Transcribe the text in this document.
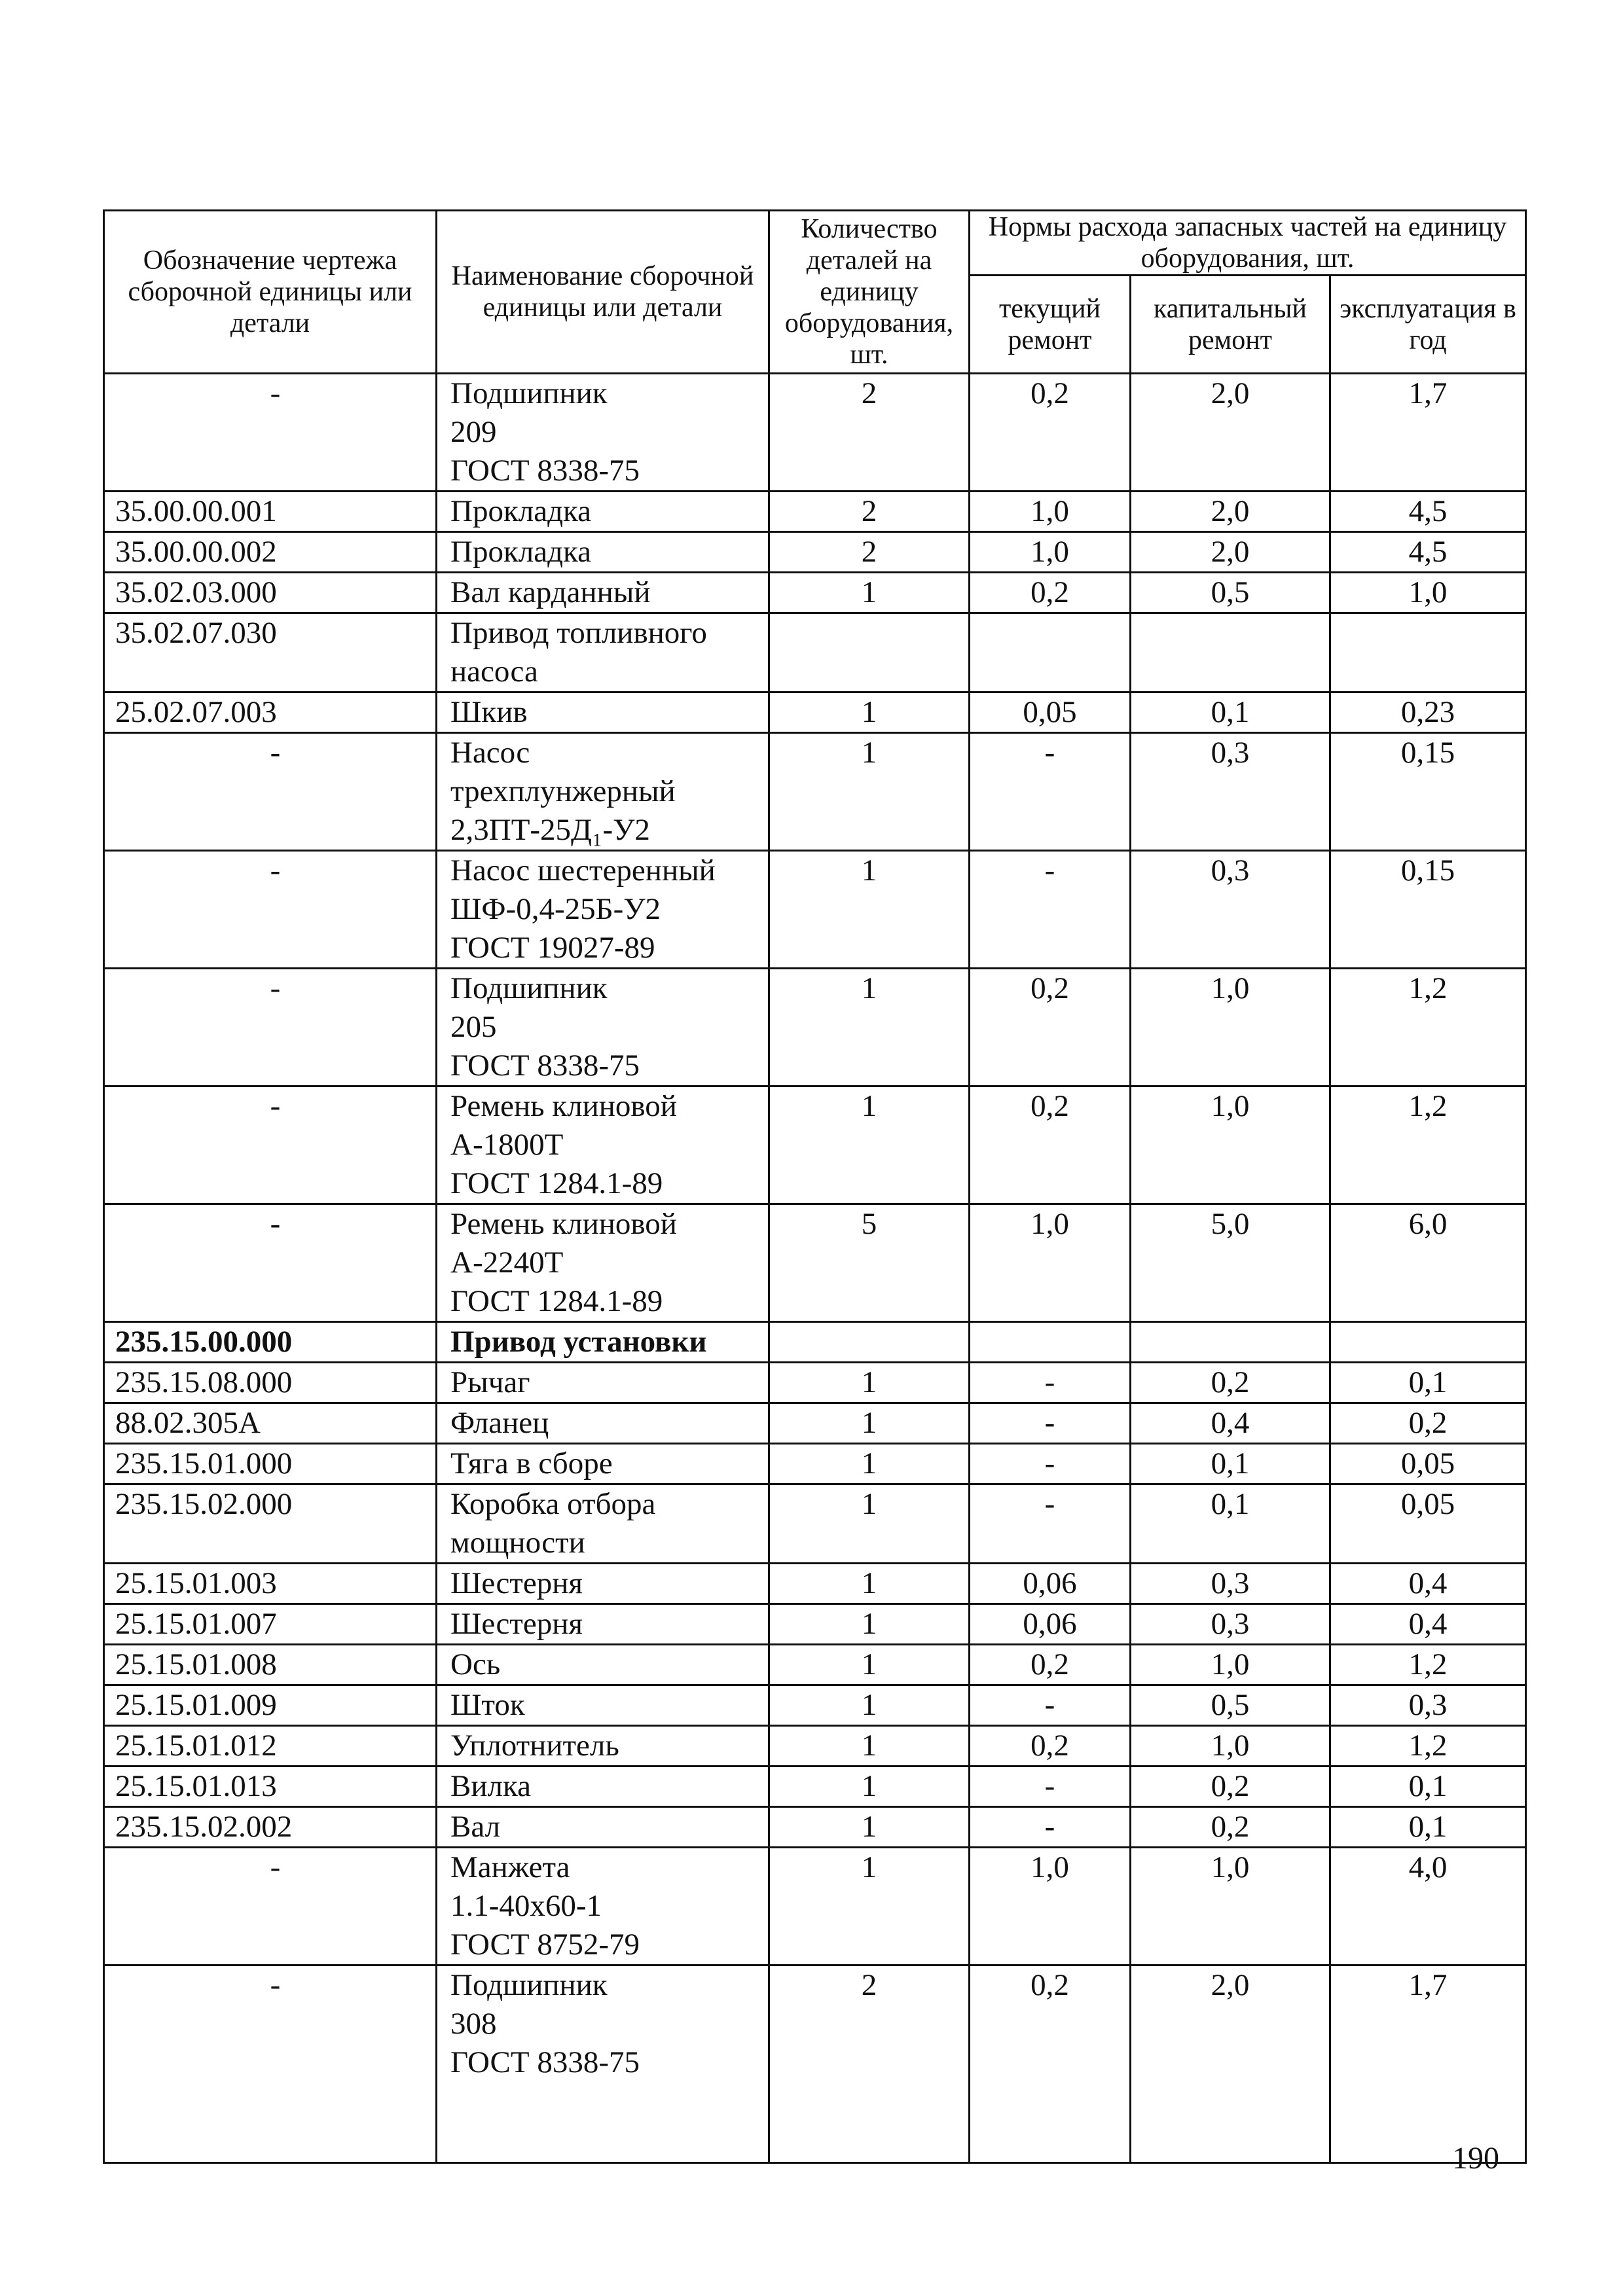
Обозначение чертежа сборочной единицы или детали	Наименование сборочной единицы или детали	Количество деталей на единицу оборудования, шт.	Нормы расхода запасных частей на единицу оборудования, шт.		
			текущий ремонт	капитальный ремонт	эксплуатация в год
-	Подшипник
209
ГОСТ 8338-75	2	0,2	2,0	1,7
35.00.00.001	Прокладка	2	1,0	2,0	4,5
35.00.00.002	Прокладка	2	1,0	2,0	4,5
35.02.03.000	Вал карданный	1	0,2	0,5	1,0
35.02.07.030	Привод топливного
насоса				

25.02.07.003	Шкив	1	0,05	0,1	0,23
-	Насос
трехплунжерный
2,3ПТ-25Д₁-У2	1	-	0,3	0,15
-	Насос шестеренный
ШФ-0,4-25Б-У2
ГОСТ 19027-89	1	-	0,3	0,15
-	Подшипник
205
ГОСТ 8338-75	1	0,2	1,0	1,2
-	Ремень клиновой
А-1800Т
ГОСТ 1284.1-89	1	0,2	1,0	1,2
-	Ремень клиновой
А-2240Т
ГОСТ 1284.1-89	5	1,0	5,0	6,0
235.15.00.000	Привод установки				

235.15.08.000	Рычаг	1	-	0,2	0,1
88.02.305А	Фланец	1	-	0,4	0,2
235.15.01.000	Тяга в сборе	1	-	0,1	0,05
235.15.02.000	Коробка отбора
мощности	1	-	0,1	0,05
25.15.01.003	Шестерня	1	0,06	0,3	0,4
25.15.01.007	Шестерня	1	0,06	0,3	0,4
25.15.01.008	Ось	1	0,2	1,0	1,2
25.15.01.009	Шток	1	-	0,5	0,3
25.15.01.012	Уплотнитель	1	0,2	1,0	1,2
25.15.01.013	Вилка	1	-	0,2	0,1
235.15.02.002	Вал	1	-	0,2	0,1
-	Манжета
1.1-40х60-1
ГОСТ 8752-79	1	1,0	1,0	4,0
-	Подшипник
308
ГОСТ 8338-75	2	0,2	2,0	1,7
190
